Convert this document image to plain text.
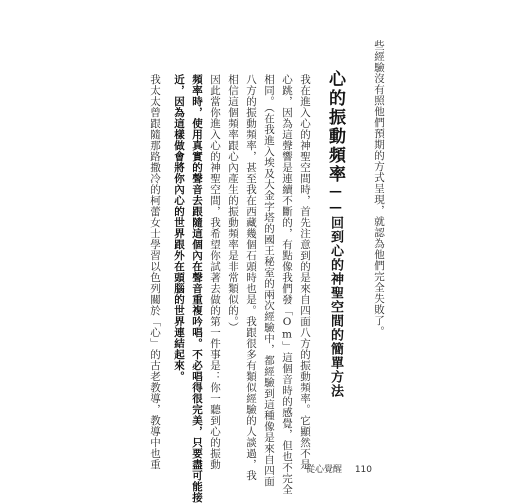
些經驗沒有照他們預期的方式呈現，就認為他們完全失敗了。
心的振動頻率——回到心的神聖空間的簡單方法
我在進入心的神聖空間時，首先注意到的是來自四面八方的振動頻率。它顯然不是
心跳，因為這聲響是連續不斷的，有點像我們發「Om」這個音時的感覺，但也不完全
相同。（在我進入埃及大金字塔的國王秘室的兩次經驗中，都經驗到這種像是來自四面
八方的振動頻率，甚至我在西藏幾個石頭時也是。我跟很多有類似經驗的人談過，我
相信這個頻率跟心內產生的振動頻率是非常類似的。）
因此當你進入心的神聖空間，我希望你試著去做的第一件事是：你一聽到心的振動
頻率時，使用真實的聲音去跟隨這個內在聲音重複吟唱。不必唱得很完美，只要盡可能接
近，因為這樣做會將你內心的世界跟外在頭腦的世界連結起來。
我太太曾跟隨那路撒冷的柯蕾女士學習以色列關於「心」的古老教導，教導中也重	從心覺醒 110
